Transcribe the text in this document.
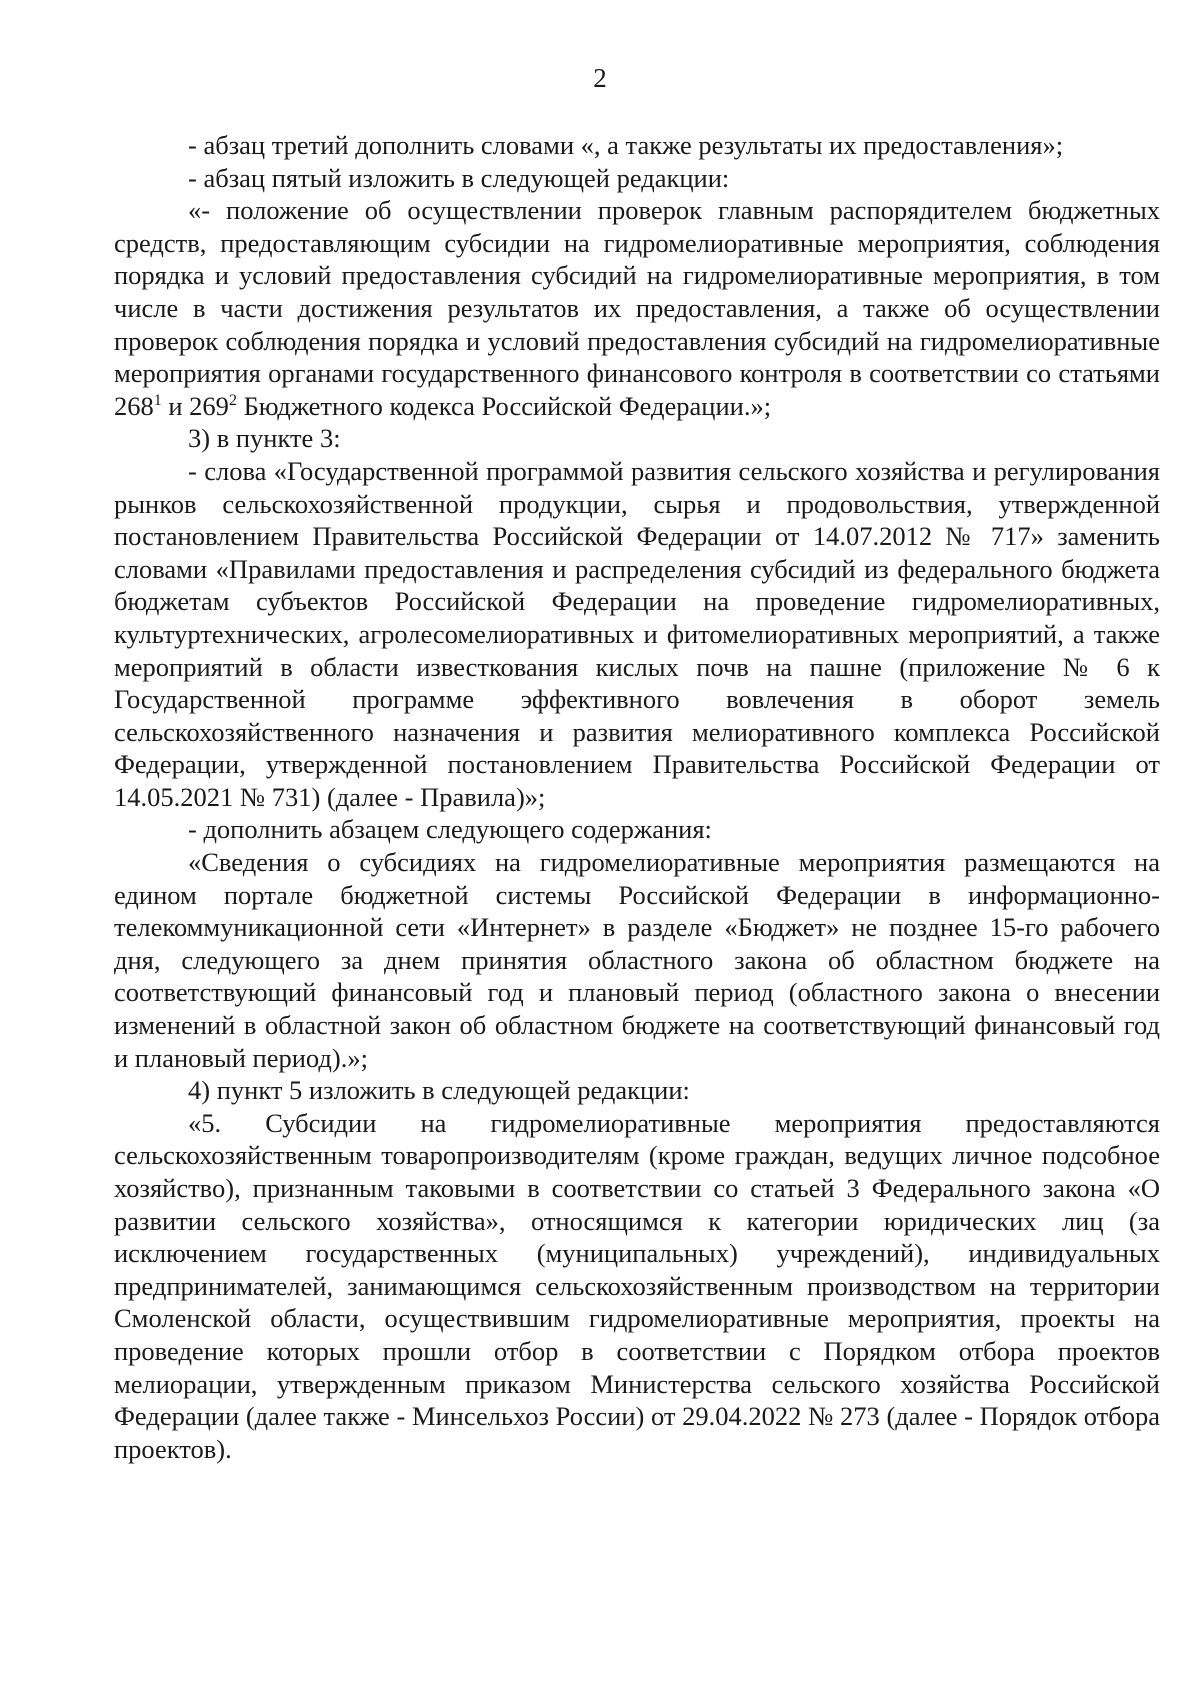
2

- абзац третий дополнить словами «, а также результаты их предоставления»;

- абзац пятый изложить в следующей редакции:

«- положение об осуществлении проверок главным распорядителем бюджетных средств, предоставляющим субсидии на гидромелиоративные мероприятия, соблюдения порядка и условий предоставления субсидий на гидромелиоративные мероприятия, в том числе в части достижения результатов их предоставления, а также об осуществлении проверок соблюдения порядка и условий предоставления субсидий на гидромелиоративные мероприятия органами государственного финансового контроля в соответствии со статьями $268^1$ и $269^2$ Бюджетного кодекса Российской Федерации.»;

3) в пункте 3:

- слова «Государственной программой развития сельского хозяйства и регулирования рынков сельскохозяйственной продукции, сырья и продовольствия, утвержденной постановлением Правительства Российской Федерации от 14.07.2012 № 717» заменить словами «Правилами предоставления и распределения субсидий из федерального бюджета бюджетам субъектов Российской Федерации на проведение гидромелиоративных, культуртехнических, агролесомелиоративных и фитомелиоративных мероприятий, а также мероприятий в области известкования кислых почв на пашне (приложение № 6 к Государственной программе эффективного вовлечения в оборот земель сельскохозяйственного назначения и развития мелиоративного комплекса Российской Федерации, утвержденной постановлением Правительства Российской Федерации от 14.05.2021 № 731) (далее - Правила)»;

- дополнить абзацем следующего содержания:

«Сведения о субсидиях на гидромелиоративные мероприятия размещаются на едином портале бюджетной системы Российской Федерации в информационно-телекоммуникационной сети «Интернет» в разделе «Бюджет» не позднее 15-го рабочего дня, следующего за днем принятия областного закона об областном бюджете на соответствующий финансовый год и плановый период (областного закона о внесении изменений в областной закон об областном бюджете на соответствующий финансовый год и плановый период).»;

4) пункт 5 изложить в следующей редакции:

«5. Субсидии на гидромелиоративные мероприятия предоставляются сельскохозяйственным товаропроизводителям (кроме граждан, ведущих личное подсобное хозяйство), признанным таковыми в соответствии со статьей 3 Федерального закона «О развитии сельского хозяйства», относящимся к категории юридических лиц (за исключением государственных (муниципальных) учреждений), индивидуальных предпринимателей, занимающимся сельскохозяйственным производством на территории Смоленской области, осуществившим гидромелиоративные мероприятия, проекты на проведение которых прошли отбор в соответствии с Порядком отбора проектов мелиорации, утвержденным приказом Министерства сельского хозяйства Российской Федерации (далее также - Минсельхоз России) от 29.04.2022 № 273 (далее - Порядок отбора проектов).
